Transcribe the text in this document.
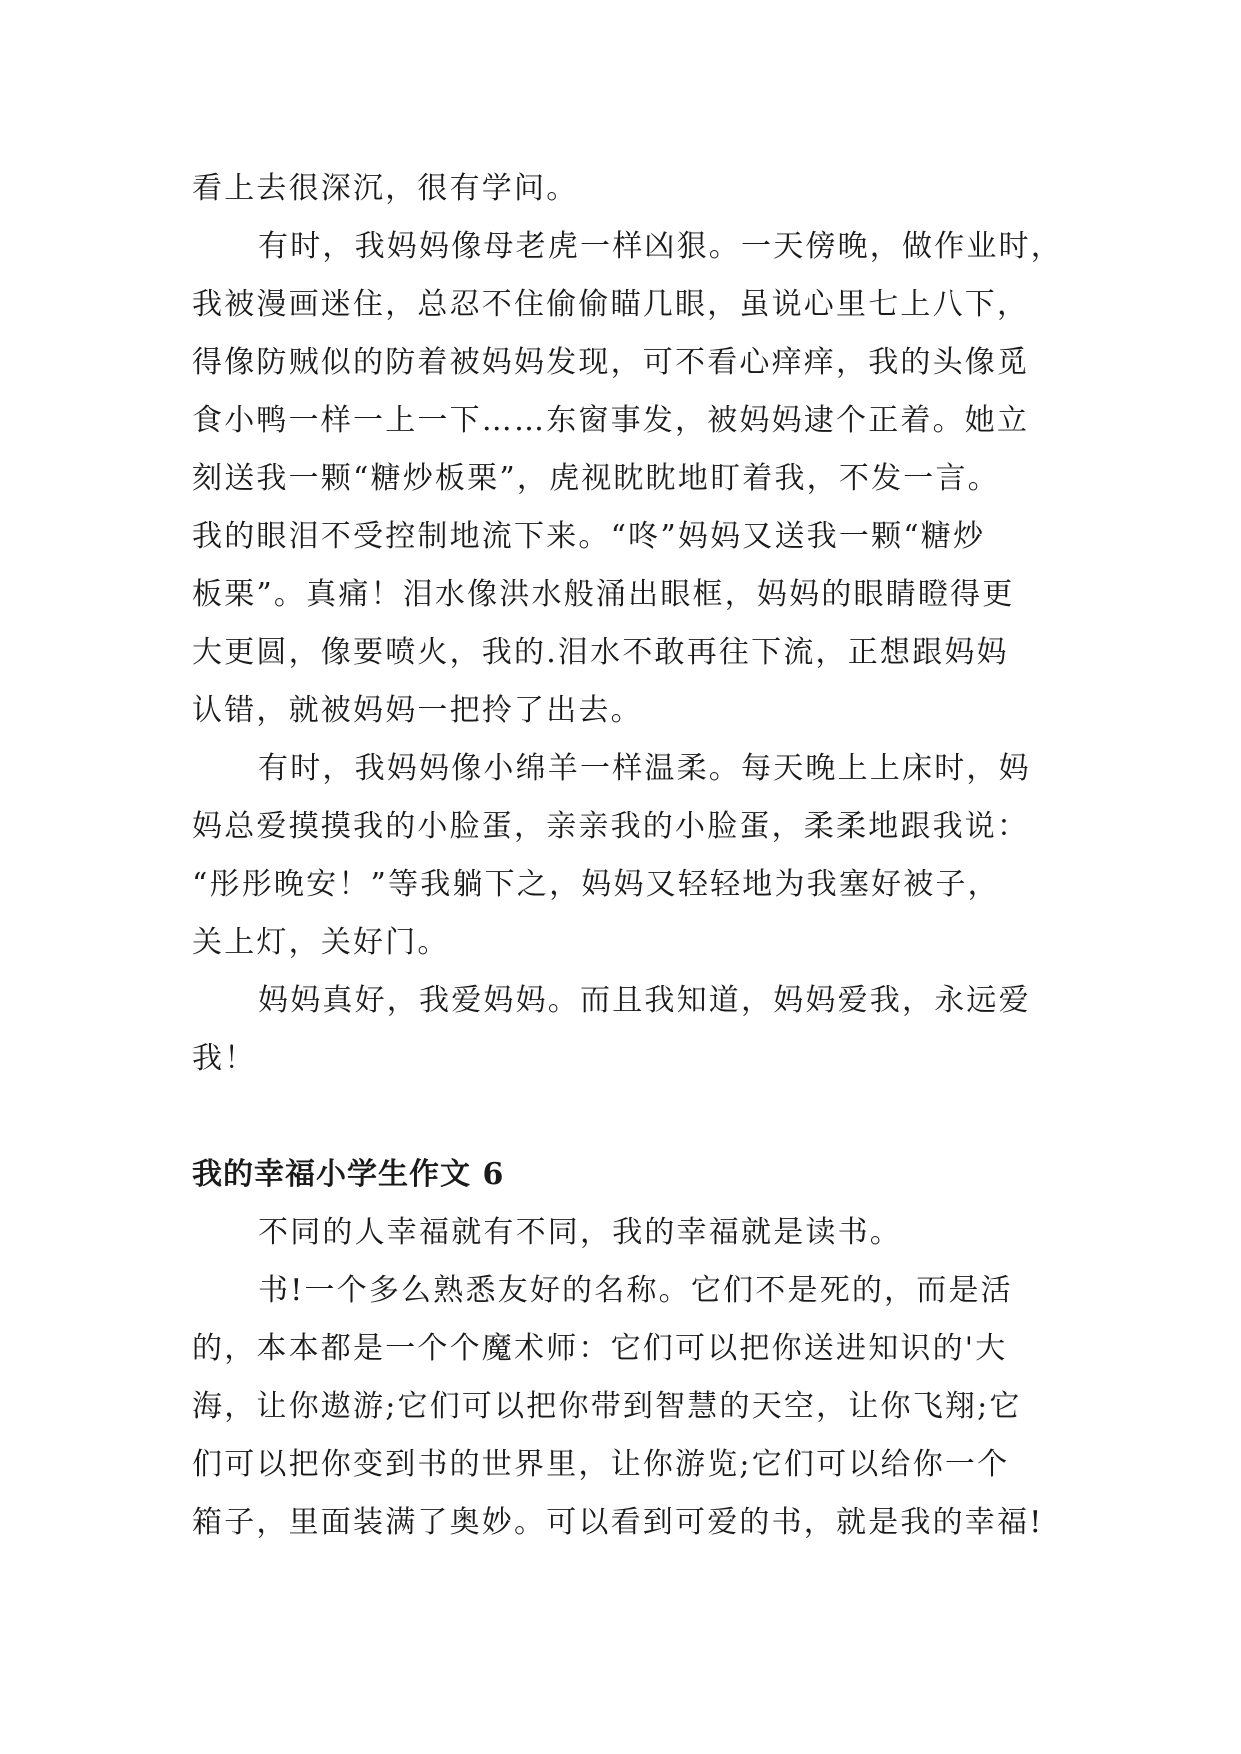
看上去很深沉，很有学问。

有时，我妈妈像母老虎一样凶狠。一天傍晚，做作业时，
我被漫画迷住，总忍不住偷偷瞄几眼，虽说心里七上八下，
得像防贼似的防着被妈妈发现，可不看心痒痒，我的头像觅
食小鸭一样一上一下……东窗事发，被妈妈逮个正着。她立
刻送我一颗“糖炒板栗”，虎视眈眈地盯着我，不发一言。
我的眼泪不受控制地流下来。“咚”妈妈又送我一颗“糖炒
板栗”。真痛！泪水像洪水般涌出眼框，妈妈的眼睛瞪得更
大更圆，像要喷火，我的.泪水不敢再往下流，正想跟妈妈
认错，就被妈妈一把拎了出去。

有时，我妈妈像小绵羊一样温柔。每天晚上上床时，妈
妈总爱摸摸我的小脸蛋，亲亲我的小脸蛋，柔柔地跟我说：
“彤彤晚安！”等我躺下之，妈妈又轻轻地为我塞好被子，
关上灯，关好门。

妈妈真好，我爱妈妈。而且我知道，妈妈爱我，永远爱
我！

我的幸福小学生作文 6

不同的人幸福就有不同，我的幸福就是读书。

书!一个多么熟悉友好的名称。它们不是死的，而是活
的，本本都是一个个魔术师：它们可以把你送进知识的'大
海，让你遨游;它们可以把你带到智慧的天空，让你飞翔;它
们可以把你变到书的世界里，让你游览;它们可以给你一个
箱子，里面装满了奥妙。可以看到可爱的书，就是我的幸福!
